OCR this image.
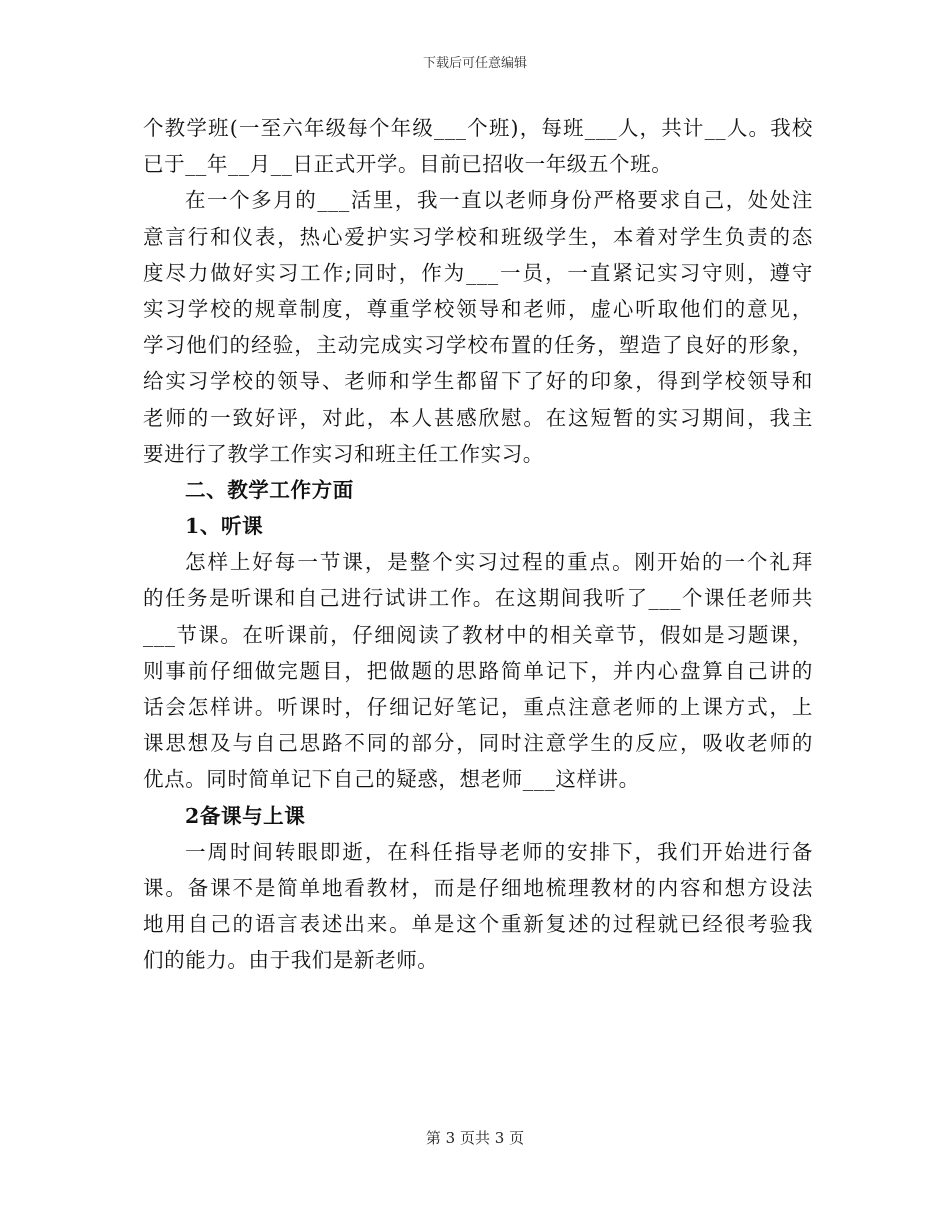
下载后可任意编辑
个教学班(一至六年级每个年级___个班)，每班___人，共计__人。我校
已于__年__月__日正式开学。目前已招收一年级五个班。
在一个多月的___活里，我一直以老师身份严格要求自己，处处注
意言行和仪表，热心爱护实习学校和班级学生，本着对学生负责的态
度尽力做好实习工作;同时，作为___一员，一直紧记实习守则，遵守
实习学校的规章制度，尊重学校领导和老师，虚心听取他们的意见，
学习他们的经验，主动完成实习学校布置的任务，塑造了良好的形象，
给实习学校的领导、老师和学生都留下了好的印象，得到学校领导和
老师的一致好评，对此，本人甚感欣慰。在这短暂的实习期间，我主
要进行了教学工作实习和班主任工作实习。
二、教学工作方面
1、听课
怎样上好每一节课，是整个实习过程的重点。刚开始的一个礼拜
的任务是听课和自己进行试讲工作。在这期间我听了___个课任老师共
___节课。在听课前，仔细阅读了教材中的相关章节，假如是习题课，
则事前仔细做完题目，把做题的思路简单记下，并内心盘算自己讲的
话会怎样讲。听课时，仔细记好笔记，重点注意老师的上课方式，上
课思想及与自己思路不同的部分，同时注意学生的反应，吸收老师的
优点。同时简单记下自己的疑惑，想老师___这样讲。
2备课与上课
一周时间转眼即逝，在科任指导老师的安排下，我们开始进行备
课。备课不是简单地看教材，而是仔细地梳理教材的内容和想方设法
地用自己的语言表述出来。单是这个重新复述的过程就已经很考验我
们的能力。由于我们是新老师。
第 3 页共 3 页
